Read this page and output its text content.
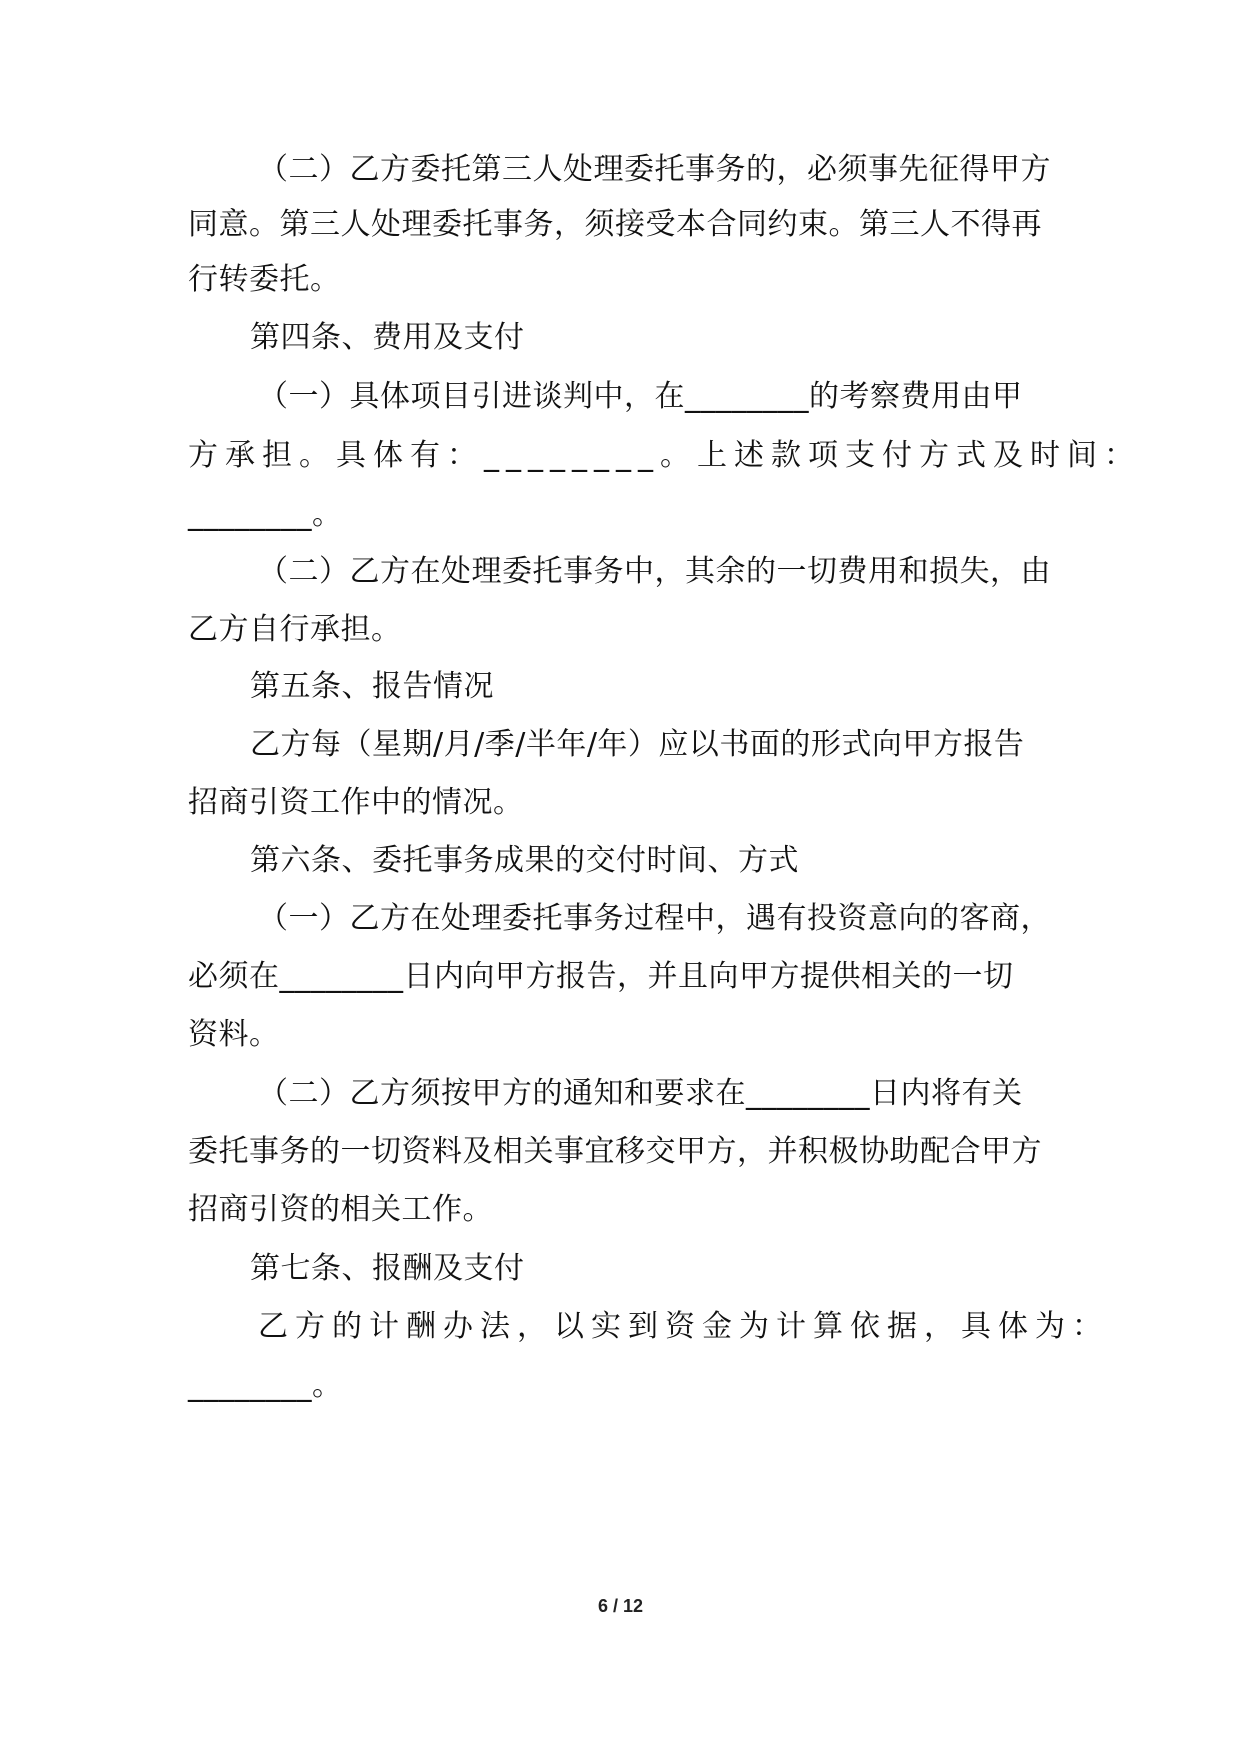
（二）乙方委托第三人处理委托事务的，必须事先征得甲方
同意。第三人处理委托事务，须接受本合同约束。第三人不得再
行转委托。
第四条、费用及支付
（一）具体项目引进谈判中，在________的考察费用由甲
方承担。具体有：________。上述款项支付方式及时间：
________。
（二）乙方在处理委托事务中，其余的一切费用和损失，由
乙方自行承担。
第五条、报告情况
乙方每（星期/月/季/半年/年）应以书面的形式向甲方报告
招商引资工作中的情况。
第六条、委托事务成果的交付时间、方式
（一）乙方在处理委托事务过程中，遇有投资意向的客商，
必须在________日内向甲方报告，并且向甲方提供相关的一切
资料。
（二）乙方须按甲方的通知和要求在________日内将有关
委托事务的一切资料及相关事宜移交甲方，并积极协助配合甲方
招商引资的相关工作。
第七条、报酬及支付
乙方的计酬办法，以实到资金为计算依据，具体为：
________。
6 / 12
